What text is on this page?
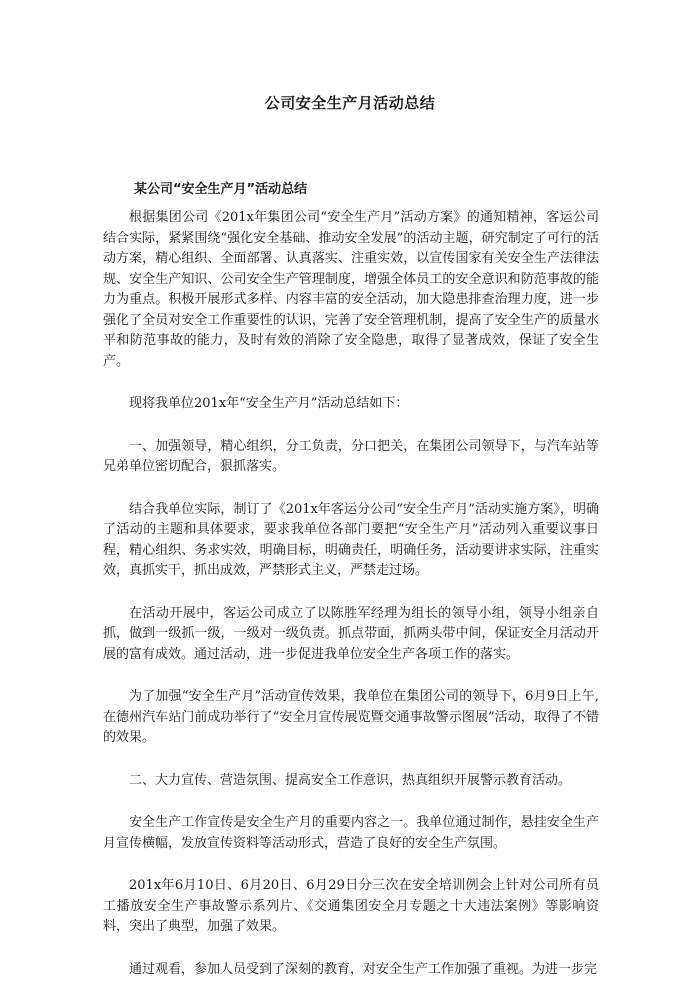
公司安全生产月活动总结
某公司“安全生产月”活动总结

根据集团公司《201x年集团公司“安全生产月”活动方案》的通知精神，客运公司结合实际，紧紧围绕“强化安全基础、推动安全发展”的活动主题，研究制定了可行的活动方案，精心组织、全面部署、认真落实、注重实效，以宣传国家有关安全生产法律法规、安全生产知识、公司安全生产管理制度，增强全体员工的安全意识和防范事故的能力为重点。积极开展形式多样、内容丰富的安全活动，加大隐患排查治理力度，进一步强化了全员对安全工作重要性的认识，完善了安全管理机制，提高了安全生产的质量水平和防范事故的能力，及时有效的消除了安全隐患，取得了显著成效，保证了安全生产。

现将我单位201x年“安全生产月”活动总结如下：

一、加强领导，精心组织，分工负责，分口把关，在集团公司领导下，与汽车站等兄弟单位密切配合，狠抓落实。

结合我单位实际，制订了《201x年客运分公司“安全生产月”活动实施方案》，明确了活动的主题和具体要求，要求我单位各部门要把“安全生产月”活动列入重要议事日程，精心组织、务求实效，明确目标，明确责任，明确任务，活动要讲求实际，注重实效，真抓实干，抓出成效，严禁形式主义，严禁走过场。

在活动开展中，客运公司成立了以陈胜军经理为组长的领导小组，领导小组亲自抓，做到一级抓一级，一级对一级负责。抓点带面，抓两头带中间，保证安全月活动开展的富有成效。通过活动，进一步促进我单位安全生产各项工作的落实。

为了加强“安全生产月”活动宣传效果，我单位在集团公司的领导下，6月9日上午,在德州汽车站门前成功举行了“安全月宣传展览暨交通事故警示图展”活动，取得了不错的效果。

二、大力宣传、营造氛围、提高安全工作意识，热真组织开展警示教育活动。

安全生产工作宣传是安全生产月的重要内容之一。我单位通过制作，悬挂安全生产月宣传横幅，发放宣传资料等活动形式，营造了良好的安全生产氛围。

201x年6月10日、6月20日、6月29日分三次在安全培训例会上针对公司所有员工播放安全生产事故警示系列片、《交通集团安全月专题之十大违法案例》等影响资料，突出了典型，加强了效果。

通过观看，参加人员受到了深刻的教育，对安全生产工作加强了重视。为进一步完
